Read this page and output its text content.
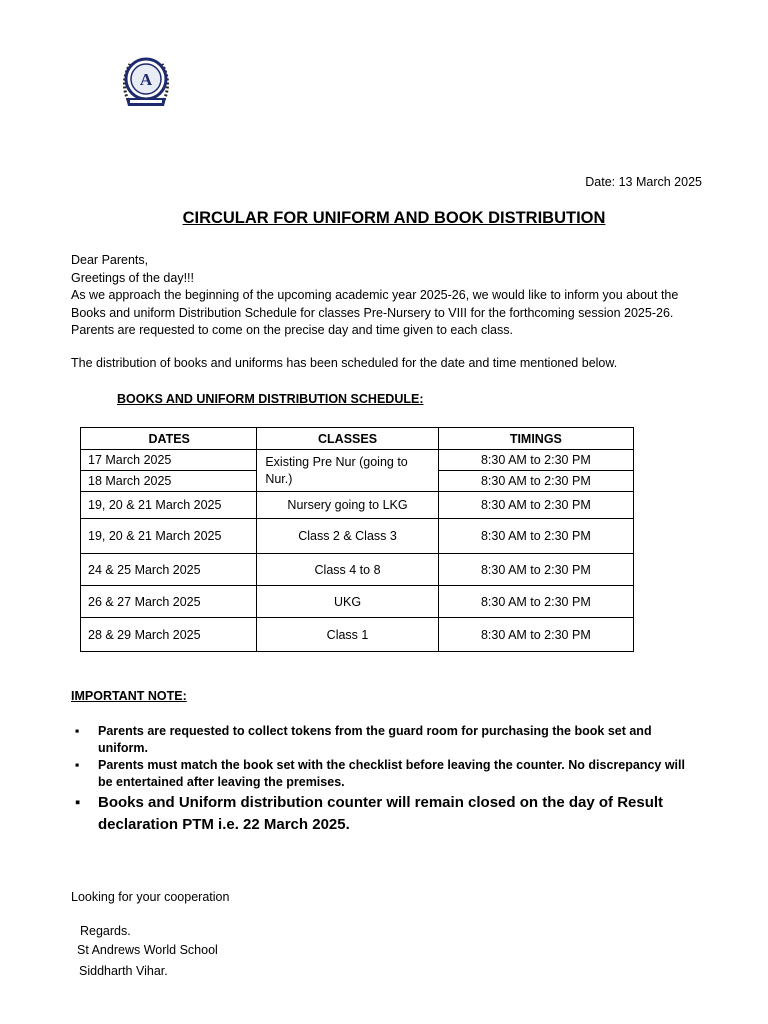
A
Date: 13 March 2025
CIRCULAR FOR UNIFORM AND BOOK DISTRIBUTION

Dear Parents,

Greetings of the day!!!

As we approach the beginning of the upcoming academic year 2025-26, we would like to inform you about the

Books and uniform Distribution Schedule for classes Pre-Nursery to VIII for the forthcoming session 2025-26.

Parents are requested to come on the precise day and time given to each class.

The distribution of books and uniforms has been scheduled for the date and time mentioned below.
BOOKS AND UNIFORM DISTRIBUTION SCHEDULE:
DATES	CLASSES	TIMINGS
17 March 2025	Existing Pre Nur (going to Nur.)	8:30 AM to 2:30 PM
18 March 2025		8:30 AM to 2:30 PM
19, 20 & 21 March 2025	Nursery going to LKG	8:30 AM to 2:30 PM
19, 20 & 21 March 2025	Class 2 & Class 3	8:30 AM to 2:30 PM
24 & 25 March 2025	Class 4 to 8	8:30 AM to 2:30 PM
26 & 27 March 2025	UKG	8:30 AM to 2:30 PM
28 & 29 March 2025	Class 1	8:30 AM to 2:30 PM
IMPORTANT NOTE:
▪ Parents are requested to collect tokens from the guard room for purchasing the book set and uniform.
▪ Parents must match the book set with the checklist before leaving the counter. No discrepancy will be entertained after leaving the premises.
▪ Books and Uniform distribution counter will remain closed on the day of Result declaration PTM i.e. 22 March 2025.
Looking for your cooperation
Regards.
St Andrews World School
Siddharth Vihar.
